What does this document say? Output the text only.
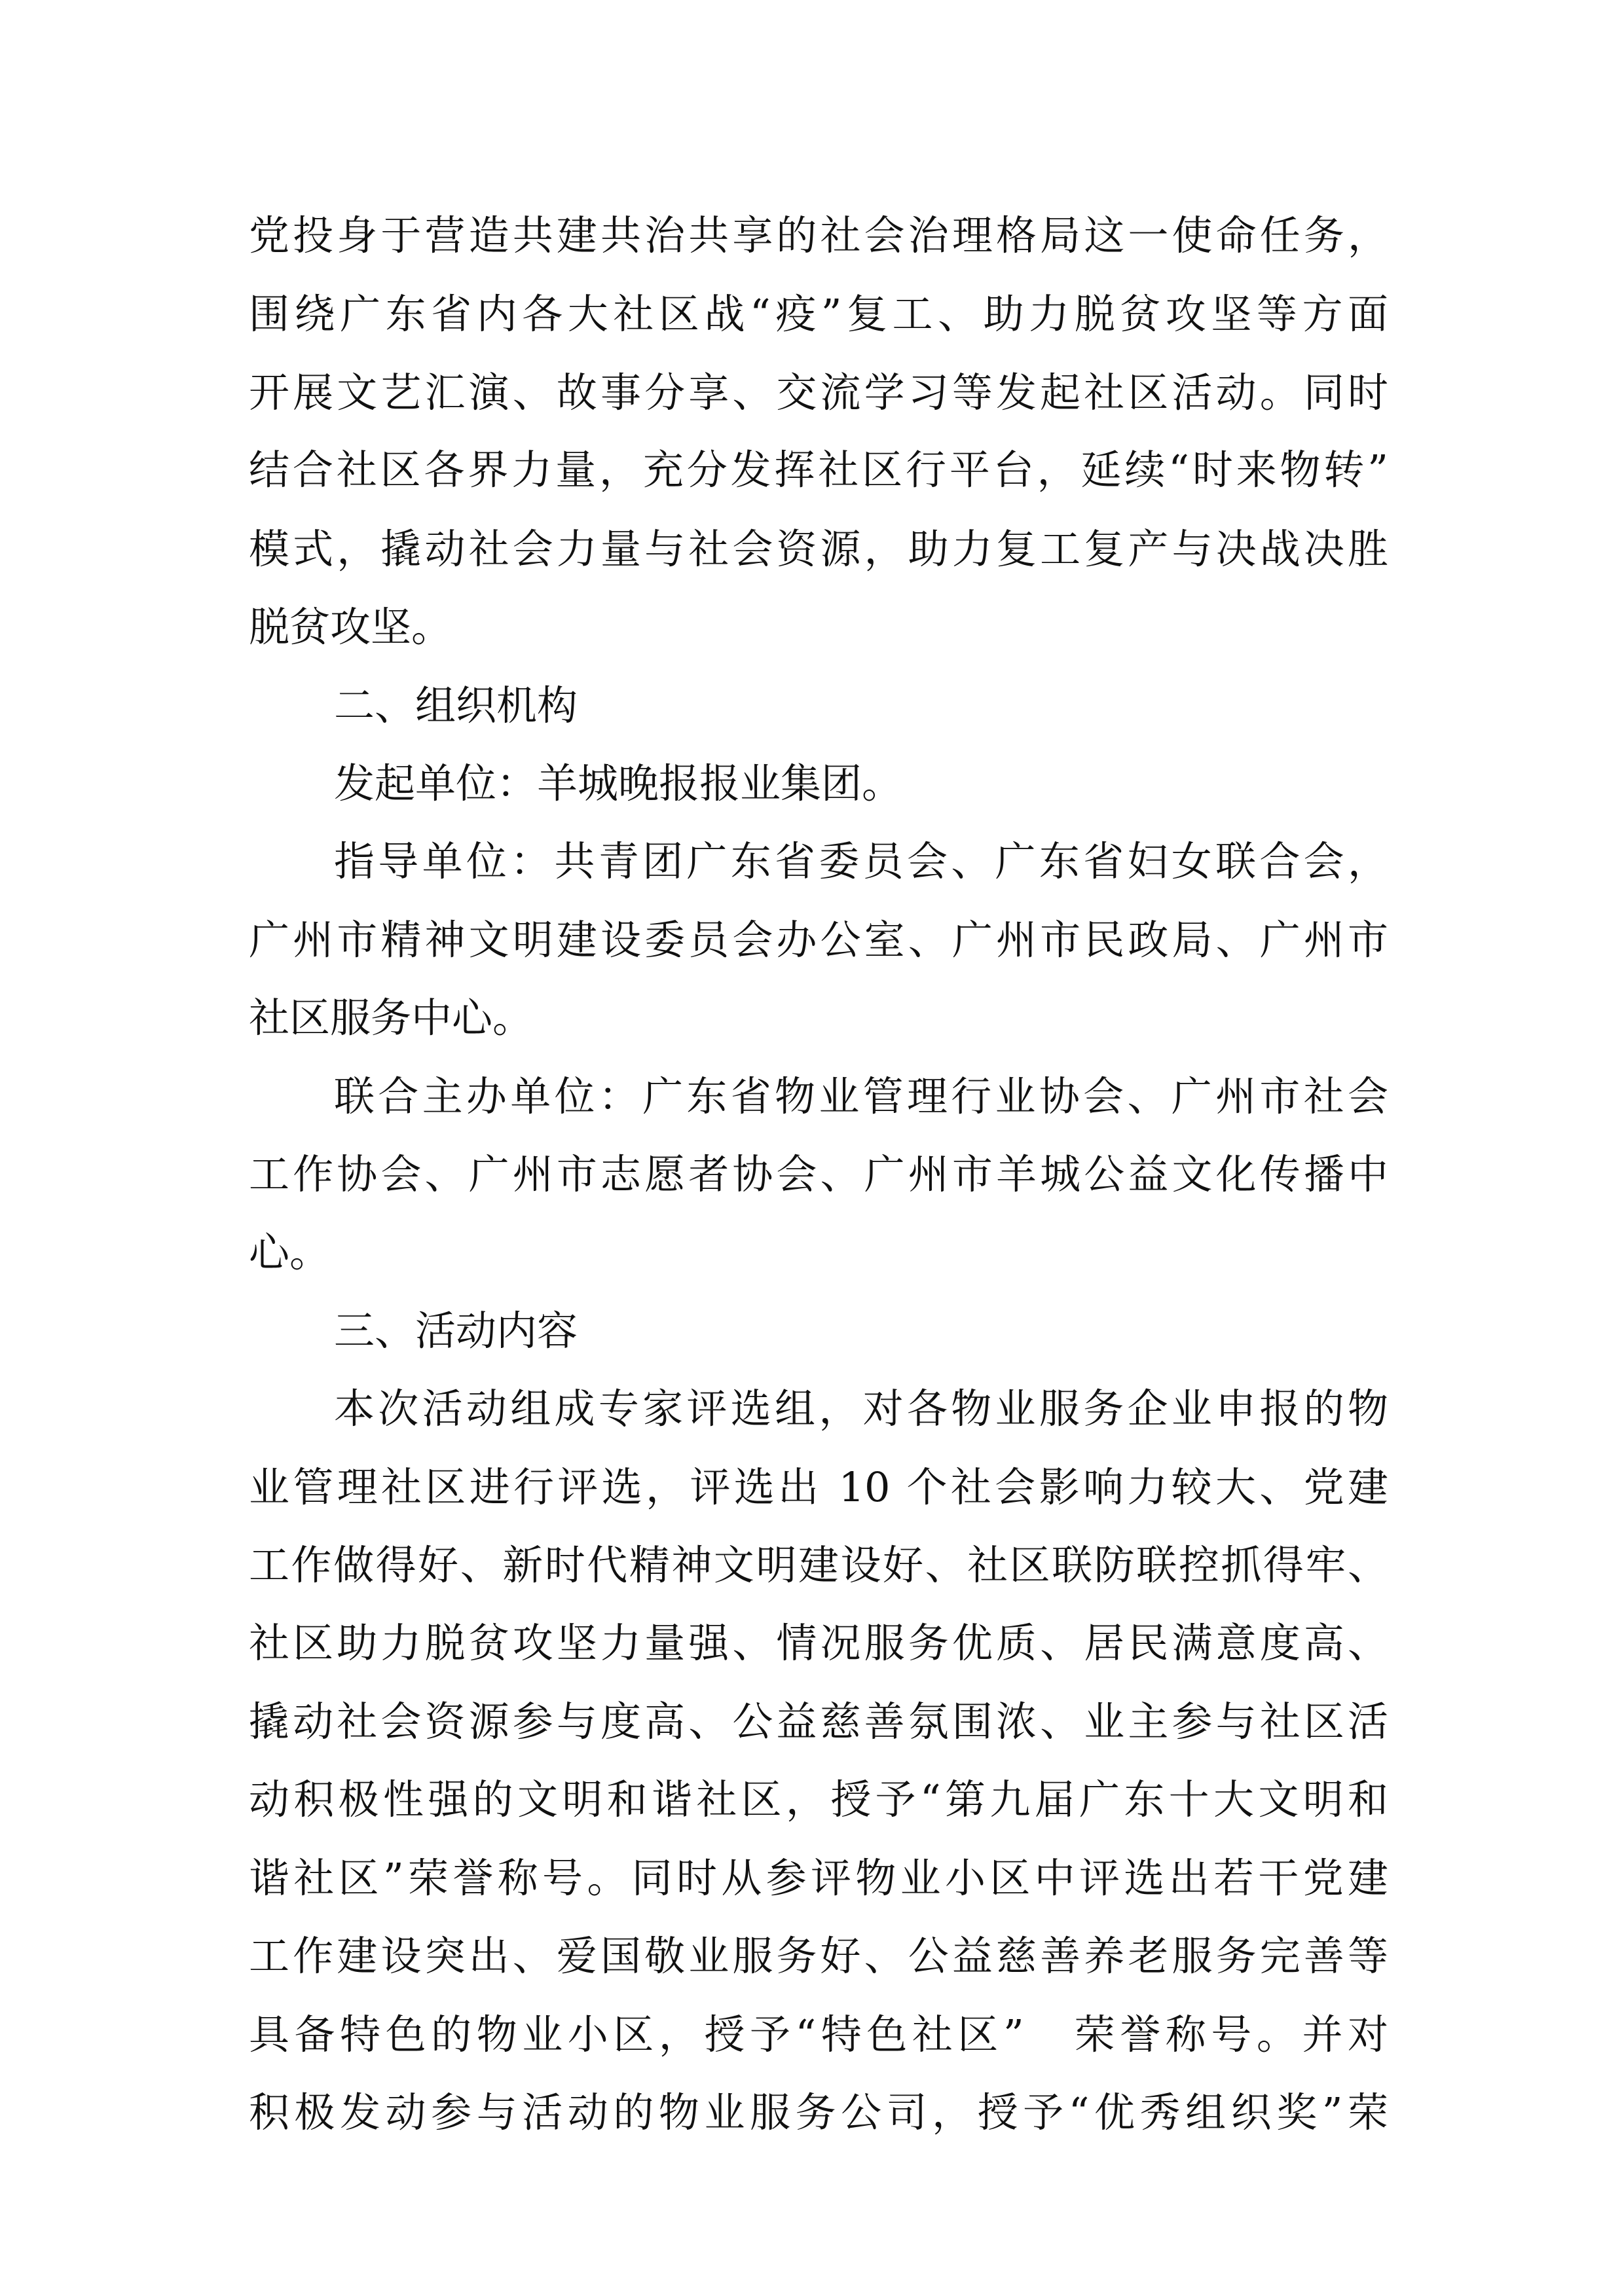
党投身于营造共建共治共享的社会治理格局这一使命任务，
围绕广东省内各大社区战“疫”复工、助力脱贫攻坚等方面
开展文艺汇演、故事分享、交流学习等发起社区活动。同时
结合社区各界力量，充分发挥社区行平台，延续“时来物转”
模式，撬动社会力量与社会资源，助力复工复产与决战决胜
脱贫攻坚。
二、组织机构
发起单位：羊城晚报报业集团。
指导单位：共青团广东省委员会、广东省妇女联合会，
广州市精神文明建设委员会办公室、广州市民政局、广州市
社区服务中心。
联合主办单位：广东省物业管理行业协会、广州市社会
工作协会、广州市志愿者协会、广州市羊城公益文化传播中
心。
三、活动内容
本次活动组成专家评选组，对各物业服务企业申报的物
业管理社区进行评选，评选出 10 个社会影响力较大、党建
工作做得好、新时代精神文明建设好、社区联防联控抓得牢、
社区助力脱贫攻坚力量强、情况服务优质、居民满意度高、
撬动社会资源参与度高、公益慈善氛围浓、业主参与社区活
动积极性强的文明和谐社区，授予“第九届广东十大文明和
谐社区”荣誉称号。同时从参评物业小区中评选出若干党建
工作建设突出、爱国敬业服务好、公益慈善养老服务完善等
具备特色的物业小区，授予“特色社区”　荣誉称号。并对
积极发动参与活动的物业服务公司，授予“优秀组织奖”荣
